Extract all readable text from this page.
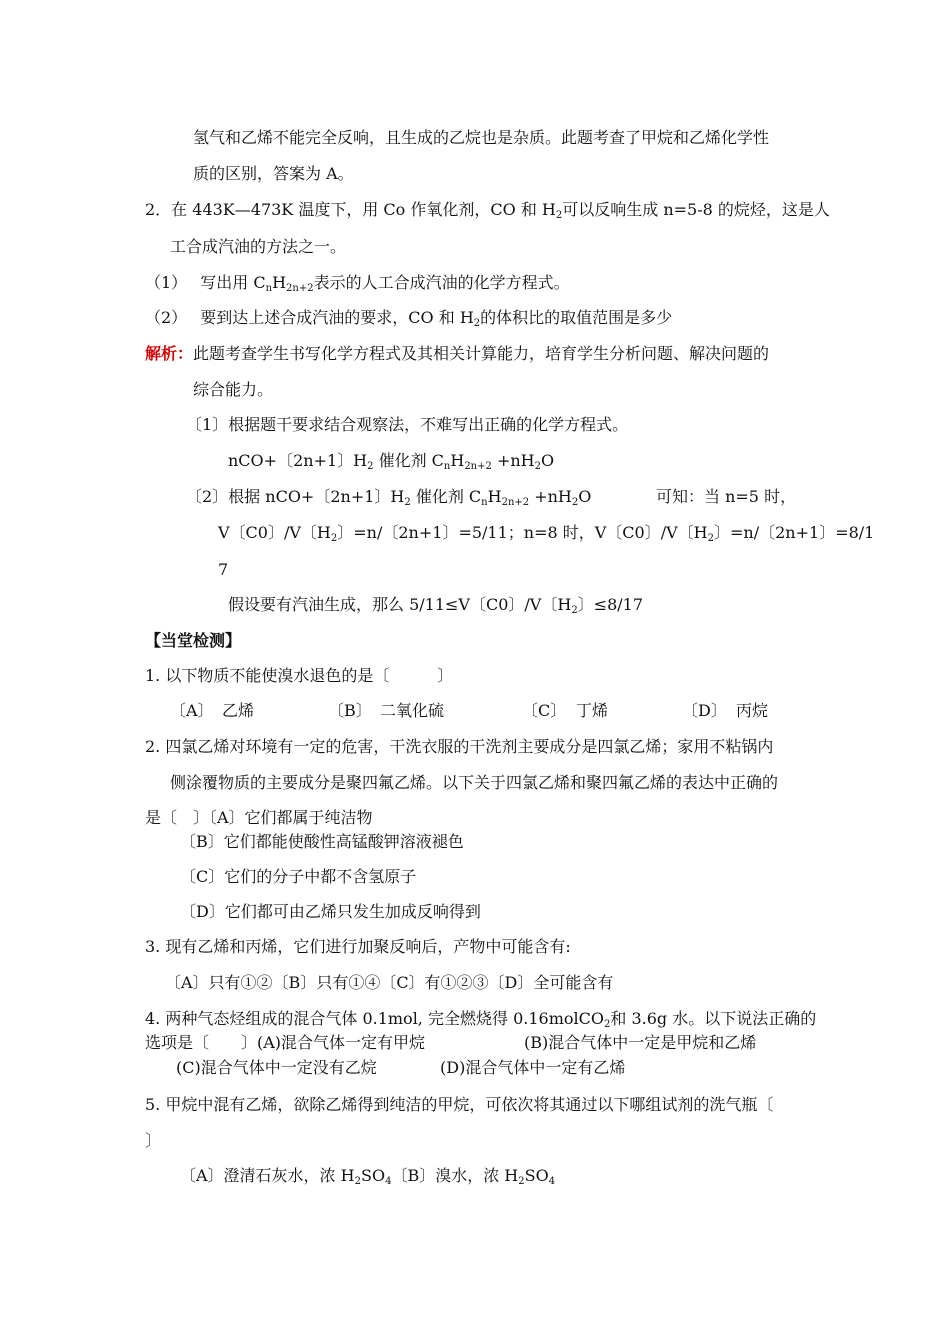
氢气和乙烯不能完全反响，且生成的乙烷也是杂质。此题考查了甲烷和乙烯化学性
质的区别，答案为 A。
2．在 443K—473K 温度下，用 Co 作氧化剂，CO 和 $H_2$可以反响生成 n=5-8 的烷烃，这是人
工合成汽油的方法之一。
（1） 写出用 $C_nH_{2n+2}$表示的人工合成汽油的化学方程式。
（2） 要到达上述合成汽油的要求，CO 和 $H_2$的体积比的取值范围是多少
解析：此题考查学生书写化学方程式及其相关计算能力，培育学生分析问题、解决问题的
综合能力。
〔1〕根据题干要求结合观察法，不难写出正确的化学方程式。
nCO+〔2n+1〕$H_2$ 催化剂 $C_nH_{2n+2} +nH_2O$
〔2〕根据 nCO+〔2n+1〕$H_2$ 催化剂 $C_nH_{2n+2} +nH_2O$	可知：当 n=5 时，
V〔C0〕/V〔$H_2$〕=n/〔2n+1〕=5/11；n=8 时，V〔C0〕/V〔$H_2$〕=n/〔2n+1〕=8/1
7
假设要有汽油生成，那么 5/11≤V〔C0〕/V〔$H_2$〕≤8/17
【当堂检测】
1. 以下物质不能使溴水退色的是〔　　　〕
〔A〕 乙烯	〔B〕 二氧化硫	〔C〕 丁烯	〔D〕 丙烷
2. 四氯乙烯对环境有一定的危害，干洗衣服的干洗剂主要成分是四氯乙烯；家用不粘锅内
侧涂覆物质的主要成分是聚四氟乙烯。以下关于四氯乙烯和聚四氟乙烯的表达中正确的
是〔　〕〔A〕它们都属于纯洁物
〔B〕它们都能使酸性高锰酸钾溶液褪色
〔C〕它们的分子中都不含氢原子
〔D〕它们都可由乙烯只发生加成反响得到
3. 现有乙烯和丙烯，它们进行加聚反响后，产物中可能含有:
〔A〕只有①②〔B〕只有①④〔C〕有①②③〔D〕全可能含有
4. 两种气态烃组成的混合气体 0.1mol, 完全燃烧得 0.16molCO$_2$和 3.6g 水。以下说法正确的
选项是〔　　〕(A)混合气体一定有甲烷	(B)混合气体中一定是甲烷和乙烯
(C)混合气体中一定没有乙烷	(D)混合气体中一定有乙烯
5. 甲烷中混有乙烯，欲除乙烯得到纯洁的甲烷，可依次将其通过以下哪组试剂的洗气瓶〔
〕
〔A〕澄清石灰水，浓 $H_2SO_4$〔B〕溴水，浓 $H_2SO_4$
